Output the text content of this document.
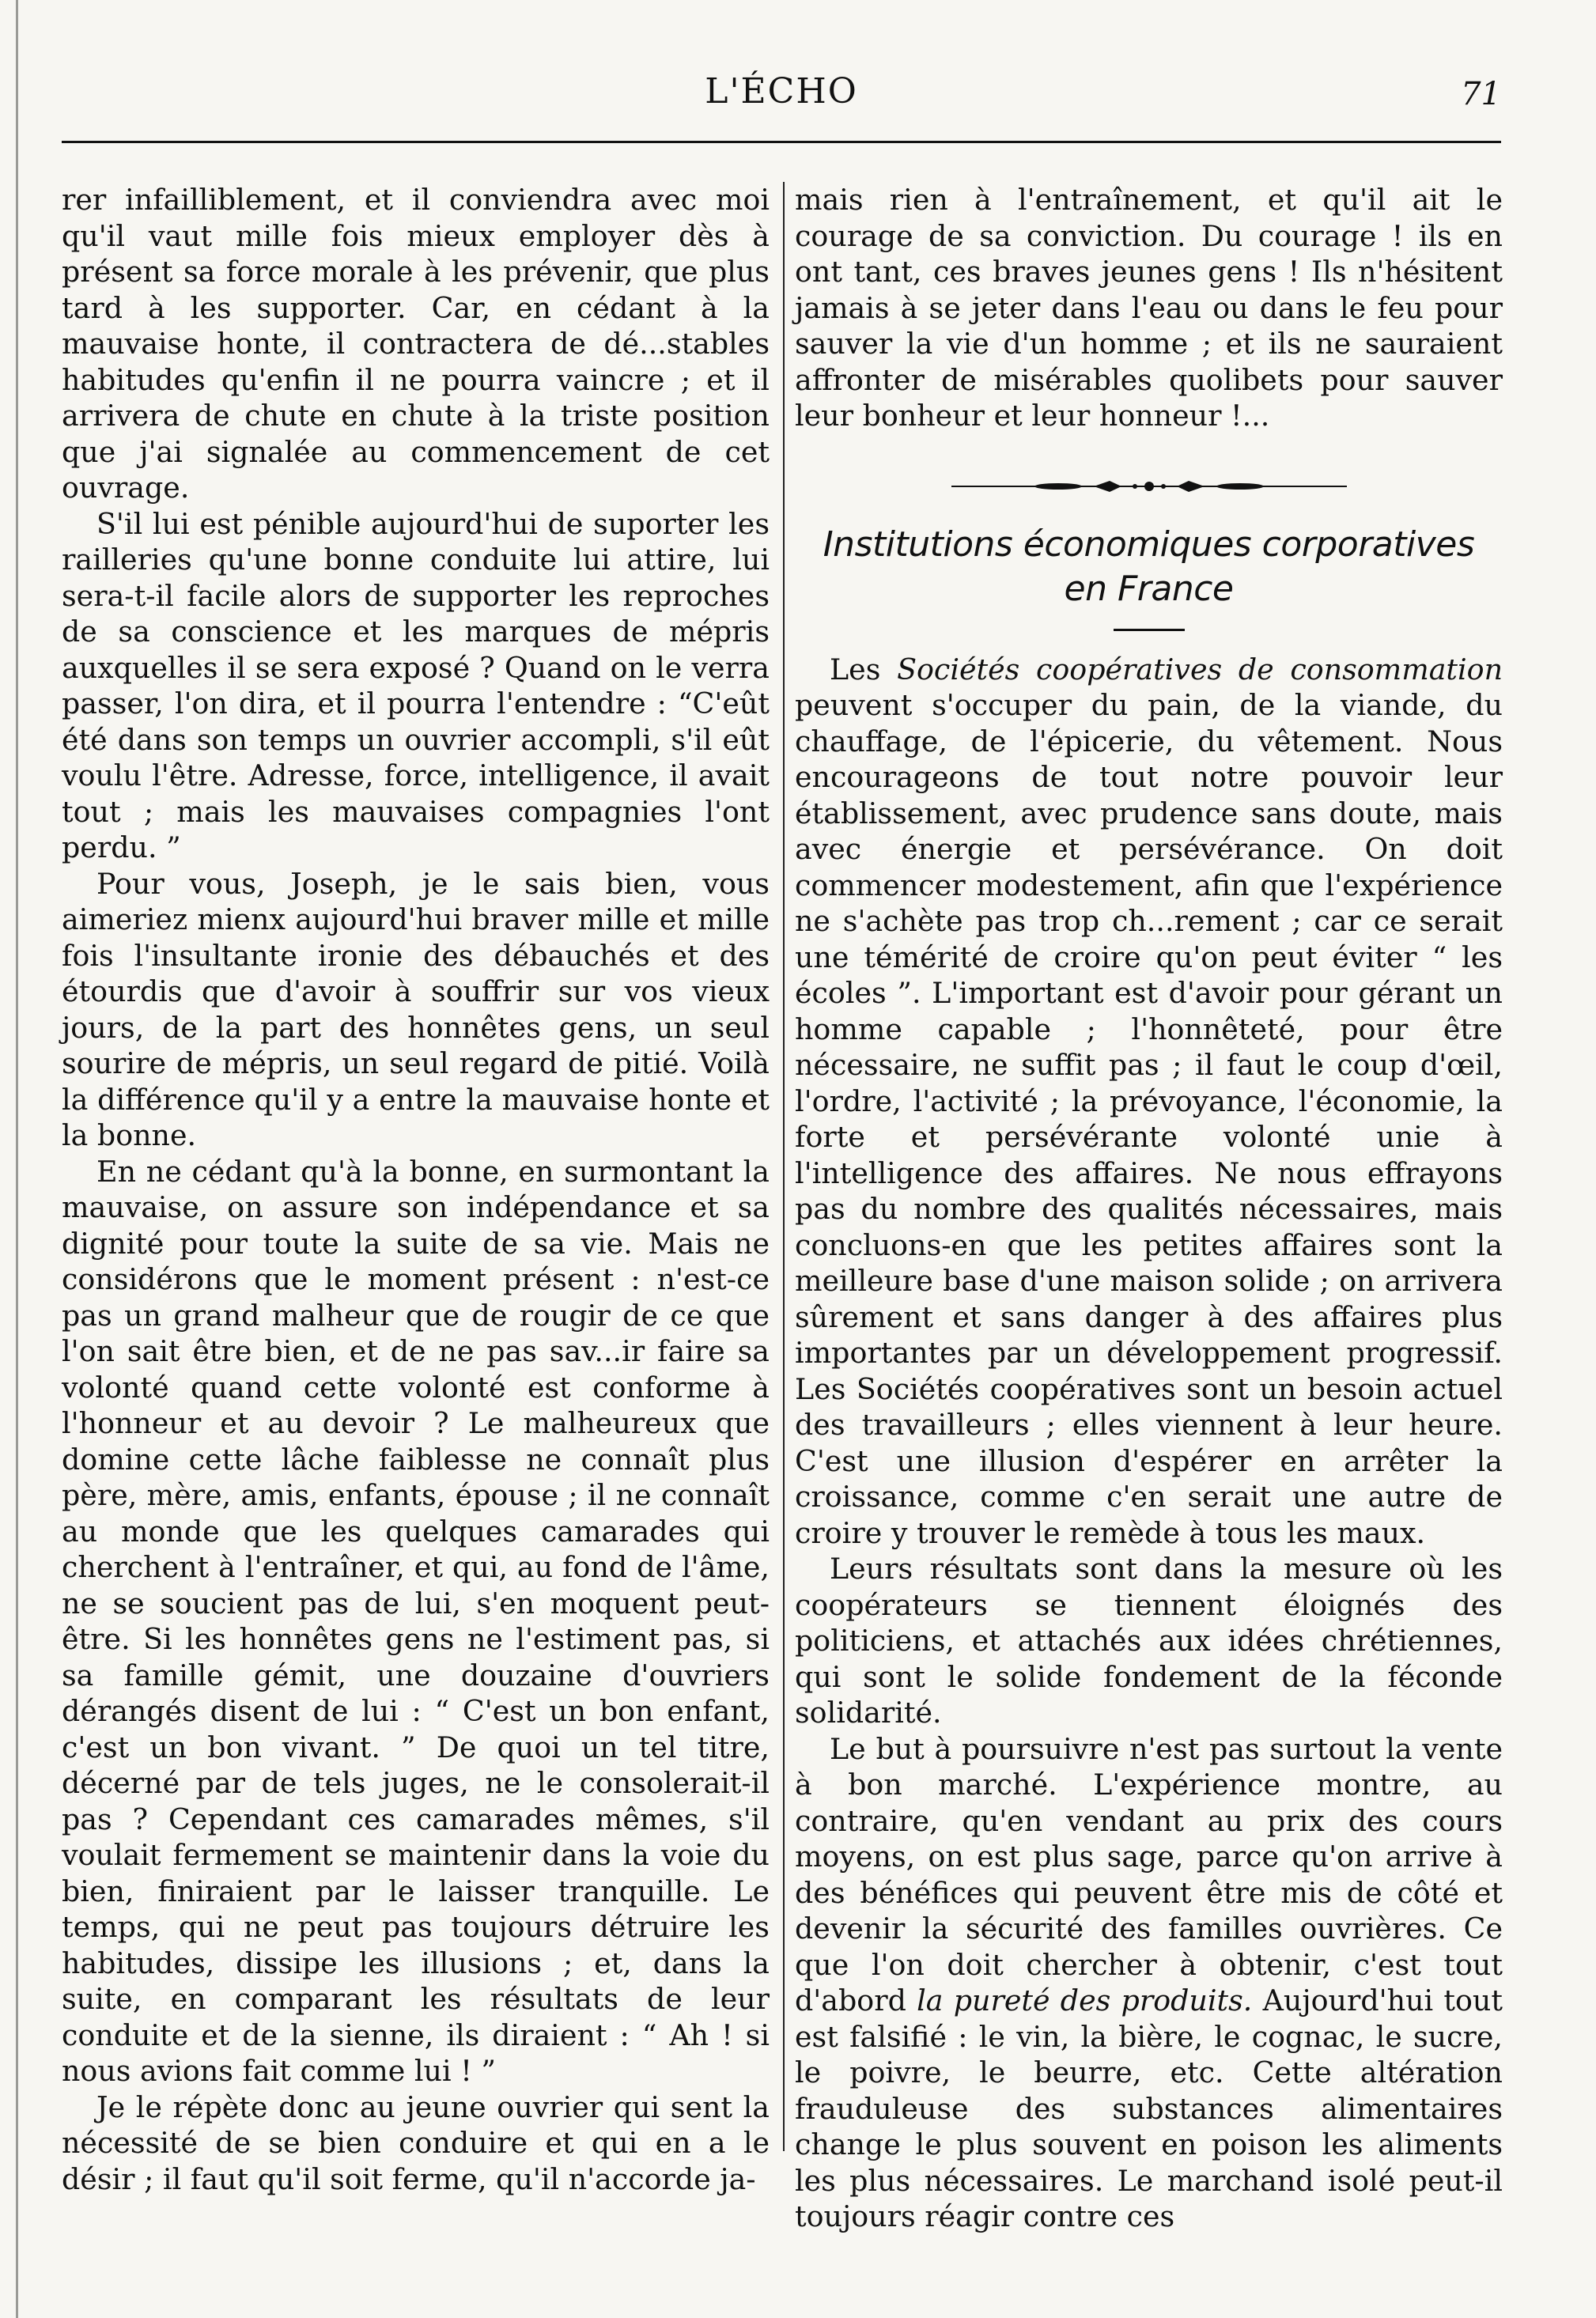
L'ÉCHO	71

rer infailliblement, et il conviendra avec moi qu'il vaut mille fois mieux employer dès à présent sa force morale à les prévenir, que plus tard à les supporter. Car, en cédant à la mauvaise honte, il contractera de dé...stables habitudes qu'enfin il ne pourra vaincre ; et il arrivera de chute en chute à la triste position que j'ai signalée au commencement de cet ouvrage.

S'il lui est pénible aujourd'hui de suporter les railleries qu'une bonne conduite lui attire, lui sera-t-il facile alors de supporter les reproches de sa conscience et les marques de mépris auxquelles il se sera exposé ? Quand on le verra passer, l'on dira, et il pourra l'entendre : “C'eût été dans son temps un ouvrier accompli, s'il eût voulu l'être. Adresse, force, intelligence, il avait tout ; mais les mauvaises compagnies l'ont perdu. ”

Pour vous, Joseph, je le sais bien, vous aimeriez mienx aujourd'hui braver mille et mille fois l'insultante ironie des débauchés et des étourdis que d'avoir à souffrir sur vos vieux jours, de la part des honnêtes gens, un seul sourire de mépris, un seul regard de pitié. Voilà la différence qu'il y a entre la mauvaise honte et la bonne.

En ne cédant qu'à la bonne, en surmontant la mauvaise, on assure son indépendance et sa dignité pour toute la suite de sa vie. Mais ne considérons que le moment présent : n'est-ce pas un grand malheur que de rougir de ce que l'on sait être bien, et de ne pas sav...ir faire sa volonté quand cette volonté est conforme à l'honneur et au devoir ? Le malheureux que domine cette lâche faiblesse ne connaît plus père, mère, amis, enfants, épouse ; il ne connaît au monde que les quelques camarades qui cherchent à l'entraîner, et qui, au fond de l'âme, ne se soucient pas de lui, s'en moquent peut-être. Si les honnêtes gens ne l'estiment pas, si sa famille gémit, une douzaine d'ouvriers dérangés disent de lui : “ C'est un bon enfant, c'est un bon vivant. ” De quoi un tel titre, décerné par de tels juges, ne le consolerait-il pas ? Cependant ces camarades mêmes, s'il voulait fermement se maintenir dans la voie du bien, finiraient par le laisser tranquille. Le temps, qui ne peut pas toujours détruire les habitudes, dissipe les illusions ; et, dans la suite, en comparant les résultats de leur conduite et de la sienne, ils diraient : “ Ah ! si nous avions fait comme lui ! ”

Je le répète donc au jeune ouvrier qui sent la nécessité de se bien conduire et qui en a le désir ; il faut qu'il soit ferme, qu'il n'accorde ja-

mais rien à l'entraînement, et qu'il ait le courage de sa conviction. Du courage ! ils en ont tant, ces braves jeunes gens ! Ils n'hésitent jamais à se jeter dans l'eau ou dans le feu pour sauver la vie d'un homme ; et ils ne sauraient affronter de misérables quolibets pour sauver leur bonheur et leur honneur !...

Institutions économiques corporatives
en France

Les Sociétés coopératives de consommation peuvent s'occuper du pain, de la viande, du chauffage, de l'épicerie, du vêtement. Nous encourageons de tout notre pouvoir leur établissement, avec prudence sans doute, mais avec énergie et persévérance. On doit commencer modestement, afin que l'expérience ne s'achète pas trop ch...rement ; car ce serait une témérité de croire qu'on peut éviter “ les écoles ”. L'important est d'avoir pour gérant un homme capable ; l'honnêteté, pour être nécessaire, ne suffit pas ; il faut le coup d'œil, l'ordre, l'activité ; la prévoyance, l'économie, la forte et persévérante volonté unie à l'intelligence des affaires. Ne nous effrayons pas du nombre des qualités nécessaires, mais concluons-en que les petites affaires sont la meilleure base d'une maison solide ; on arrivera sûrement et sans danger à des affaires plus importantes par un développement progressif. Les Sociétés coopératives sont un besoin actuel des travailleurs ; elles viennent à leur heure. C'est une illusion d'espérer en arrêter la croissance, comme c'en serait une autre de croire y trouver le remède à tous les maux.

Leurs résultats sont dans la mesure où les coopérateurs se tiennent éloignés des politiciens, et attachés aux idées chrétiennes, qui sont le solide fondement de la féconde solidarité.

Le but à poursuivre n'est pas surtout la vente à bon marché. L'expérience montre, au contraire, qu'en vendant au prix des cours moyens, on est plus sage, parce qu'on arrive à des bénéfices qui peuvent être mis de côté et devenir la sécurité des familles ouvrières. Ce que l'on doit chercher à obtenir, c'est tout d'abord la pureté des produits. Aujourd'hui tout est falsifié : le vin, la bière, le cognac, le sucre, le poivre, le beurre, etc. Cette altération frauduleuse des substances alimentaires change le plus souvent en poison les aliments les plus nécessaires. Le marchand isolé peut-il toujours réagir contre ces
